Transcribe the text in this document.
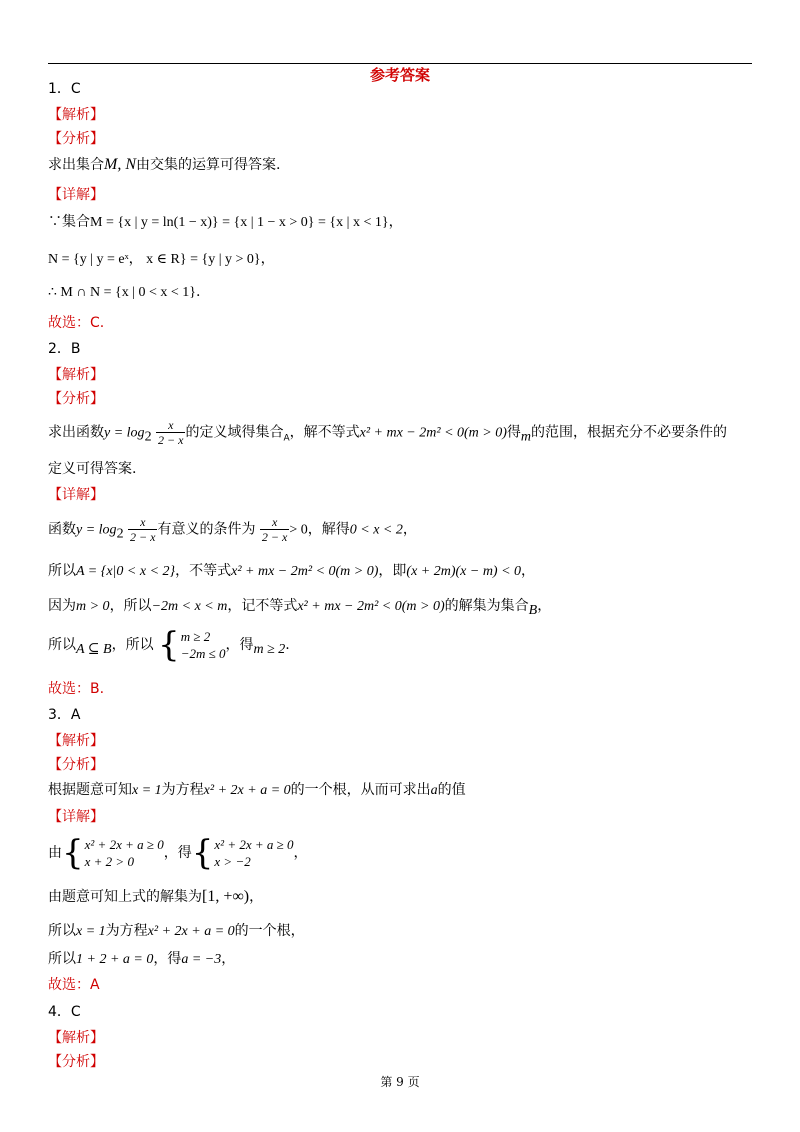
参考答案
1．C
【解析】
【分析】
求出集合M, N由交集的运算可得答案.
【详解】
∵集合M = {x | y = ln(1 − x)} = {x | 1 − x > 0} = {x | x < 1}，
N = {y | y = eˣ， x ∈ R} = {y | y > 0}，
∴ M ∩ N = {x | 0 < x < 1}.
故选：C.
2．B
【解析】
【分析】
求出函数$y = \log_2 \frac{x}{2 - x}$ 的定义域得集合$_A$，解不等式x² + mx − 2m² < 0(m > 0)得$_m$的范围，根据充分不必要条件的
定义可得答案.
【详解】
函数$y = \log_2 \frac{x}{2 - x}$ 有意义的条件为 $\frac{x}{2 - x} > 0$，解得0 < x < 2，
所以A = {x|0 < x < 2}，不等式x² + mx − 2m² < 0(m > 0)，即(x + 2m)(x − m) < 0，
因为m > 0，所以−2m < x < m，记不等式x² + mx − 2m² < 0(m > 0)的解集为集合$_B$，
所以$_{A ⊆ B}$，所以 { m ≥ 2
−2m ≤ 0
，得$_{m \ge 2}$.
故选：B.
3．A
【解析】
【分析】
根据题意可知x = 1为方程x² + 2x + a = 0的一个根，从而可求出a的值
【详解】
由{ x² + 2x + a ≥ 0
x + 2 > 0
，得{ x² + 2x + a ≥ 0
x > −2
，
由题意可知上式的解集为[1, +∞)，
所以x = 1为方程x² + 2x + a = 0的一个根，
所以1 + 2 + a = 0，得a = −3，
故选：A
4．C
【解析】
【分析】
第 9 页
